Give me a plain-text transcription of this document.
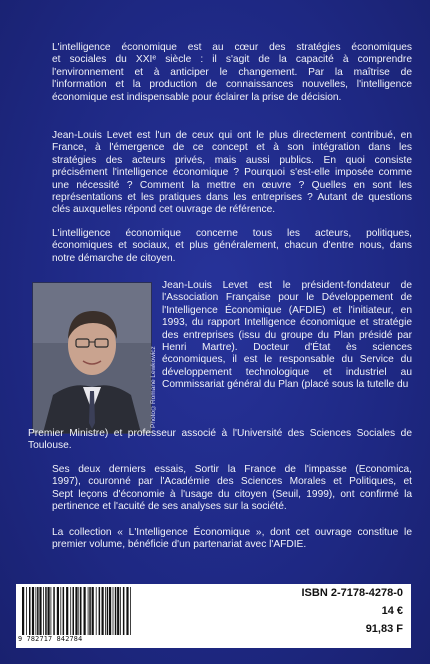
L'intelligence économique est au cœur des stratégies économiques
et sociales du XXIᵉ siècle : il s'agit de la capacité à comprendre
l'environnement et à anticiper le changement. Par la maîtrise de
l'information et la production de connaissances nouvelles, l'intelligence
économique est indispensable pour éclairer la prise de décision.
Jean-Louis Levet est l'un de ceux qui ont le plus directement contribué, en
France, à l'émergence de ce concept et à son intégration dans les
stratégies des acteurs privés, mais aussi publics. En quoi consiste
précisément l'intelligence économique ? Pourquoi s'est-elle imposée comme
une nécessité ? Comment la mettre en œuvre ? Quelles en sont les
représentations et les pratiques dans les entreprises ? Autant de questions
clés auxquelles répond cet ouvrage de référence.
L'intelligence économique concerne tous les acteurs, politiques,
économiques et sociaux, et plus généralement, chacun d'entre nous, dans
notre démarche de citoyen.
Photo©Romane Lewkowicz
Jean-Louis Levet est le président-fondateur de
l'Association Française pour le Développement de
l'Intelligence Économique (AFDIE) et l'initiateur, en
1993, du rapport Intelligence économique et stratégie
des entreprises (issu du groupe du Plan présidé par
Henri Martre). Docteur d'État ès sciences
économiques, il est le responsable du Service du
développement technologique et industriel au
Commissariat général du Plan (placé sous la tutelle du
Premier Ministre) et professeur associé à l'Université des Sciences Sociales de
Toulouse.
Ses deux derniers essais, Sortir la France de l'impasse (Economica,
1997), couronné par l'Académie des Sciences Morales et Politiques, et
Sept leçons d'économie à l'usage du citoyen (Seuil, 1999), ont confirmé la
pertinence et l'acuité de ses analyses sur la société.
La collection « L'Intelligence Économique », dont cet ouvrage constitue le
premier volume, bénéficie d'un partenariat avec l'AFDIE.
9 782717 842784
ISBN 2-7178-4278-0
14 €
91,83 F
